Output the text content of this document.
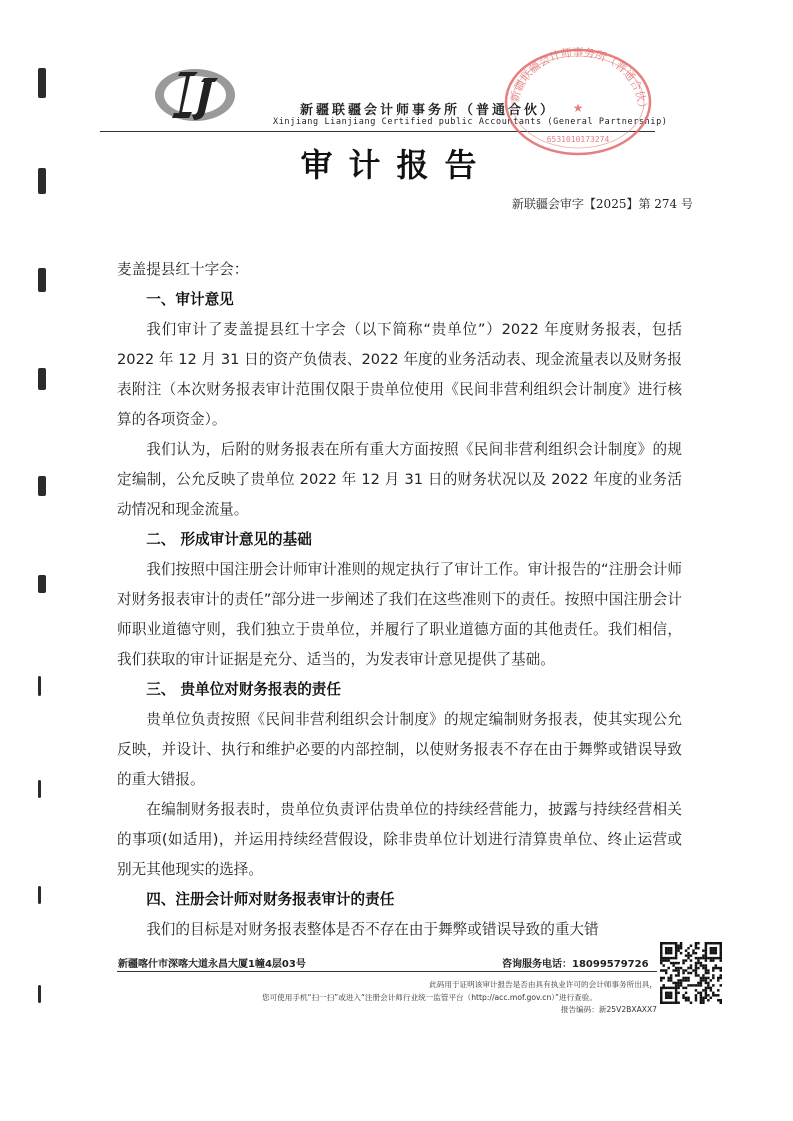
新疆联疆会计师事务所（普通合伙）
Xinjiang Lianjiang Certified public Accountants (General Partnership)
新疆联疆会计师事务所（普通合伙）
★
6531010173274
审计报告
新联疆会审字【2025】第 274 号

麦盖提县红十字会：

一、审计意见

我们审计了麦盖提县红十字会（以下简称“贵单位”）2022 年度财务报表，包括 2022 年 12 月 31 日的资产负债表、2022 年度的业务活动表、现金流量表以及财务报表附注（本次财务报表审计范围仅限于贵单位使用《民间非营利组织会计制度》进行核算的各项资金）。

我们认为，后附的财务报表在所有重大方面按照《民间非营利组织会计制度》的规定编制，公允反映了贵单位 2022 年 12 月 31 日的财务状况以及 2022 年度的业务活动情况和现金流量。

二、 形成审计意见的基础

我们按照中国注册会计师审计准则的规定执行了审计工作。审计报告的“注册会计师对财务报表审计的责任”部分进一步阐述了我们在这些准则下的责任。按照中国注册会计师职业道德守则，我们独立于贵单位，并履行了职业道德方面的其他责任。我们相信，我们获取的审计证据是充分、适当的，为发表审计意见提供了基础。

三、 贵单位对财务报表的责任

贵单位负责按照《民间非营利组织会计制度》的规定编制财务报表，使其实现公允反映，并设计、执行和维护必要的内部控制，以使财务报表不存在由于舞弊或错误导致的重大错报。

在编制财务报表时，贵单位负责评估贵单位的持续经营能力，披露与持续经营相关的事项(如适用)，并运用持续经营假设，除非贵单位计划进行清算贵单位、终止运营或别无其他现实的选择。

四、注册会计师对财务报表审计的责任

我们的目标是对财务报表整体是否不存在由于舞弊或错误导致的重大错

新疆喀什市深喀大道永昌大厦1幢4层03号	咨询服务电话：18099579726
此码用于证明该审计报告是否由具有执业许可的会计师事务所出具，
您可使用手机“扫一扫”或进入“注册会计师行业统一监管平台（http://acc.mof.gov.cn）”进行查验。
报告编码：新25V2BXAXX7
